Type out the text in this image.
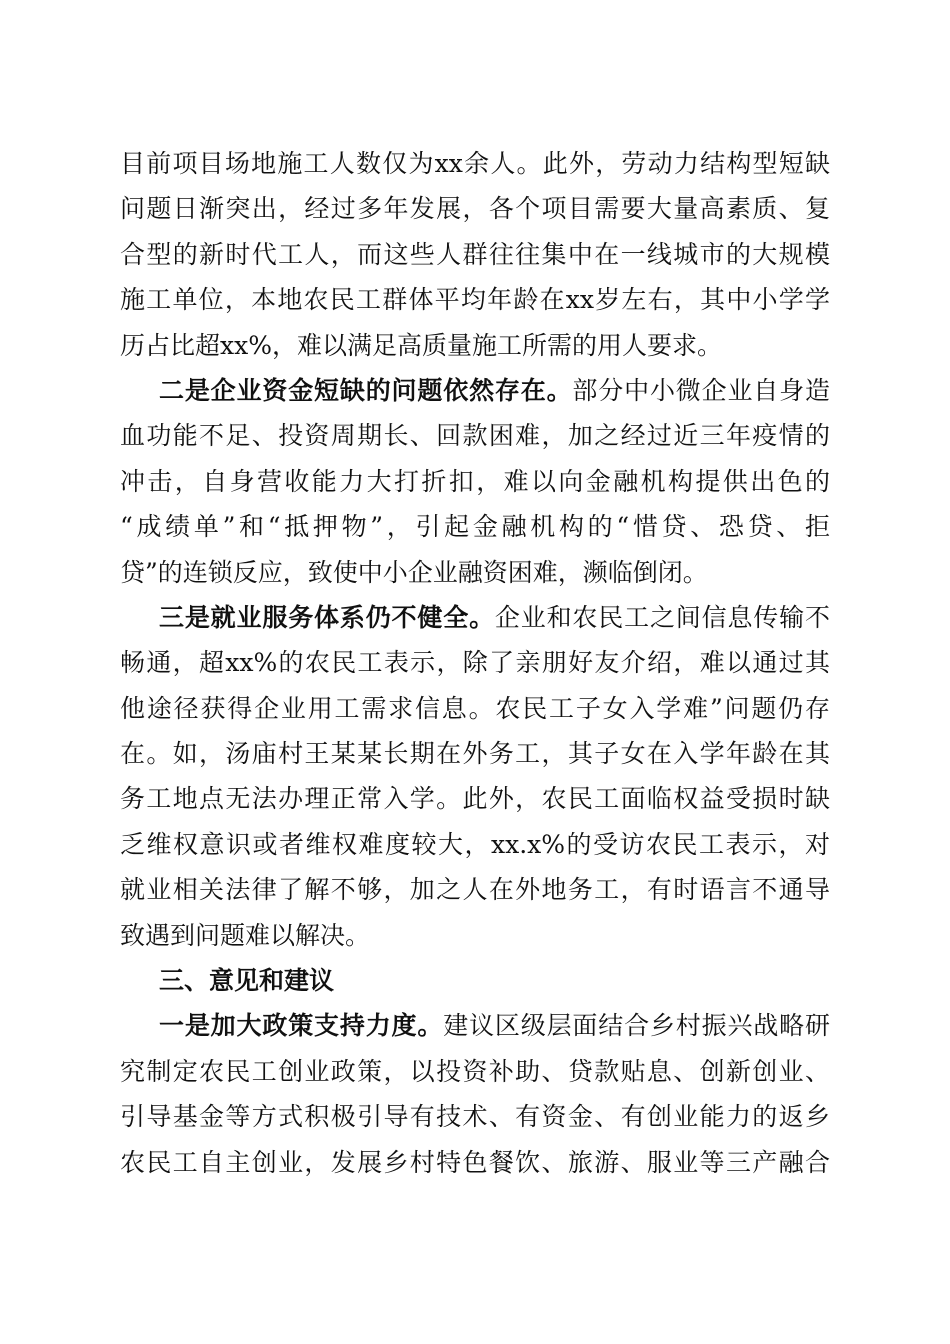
目前项目场地施工人数仅为xx余人。此外，劳动力结构型短缺
问题日渐突出，经过多年发展，各个项目需要大量高素质、复
合型的新时代工人，而这些人群往往集中在一线城市的大规模
施工单位，本地农民工群体平均年龄在xx岁左右，其中小学学
历占比超xx%，难以满足高质量施工所需的用人要求。
二是企业资金短缺的问题依然存在。部分中小微企业自身造
血功能不足、投资周期长、回款困难，加之经过近三年疫情的
冲击，自身营收能力大打折扣，难以向金融机构提供出色的
“成绩单”和“抵押物”，引起金融机构的“惜贷、恐贷、拒
贷”的连锁反应，致使中小企业融资困难，濒临倒闭。
三是就业服务体系仍不健全。企业和农民工之间信息传输不
畅通，超xx%的农民工表示，除了亲朋好友介绍，难以通过其
他途径获得企业用工需求信息。农民工子女入学难”问题仍存
在。如，汤庙村王某某长期在外务工，其子女在入学年龄在其
务工地点无法办理正常入学。此外，农民工面临权益受损时缺
乏维权意识或者维权难度较大，xx.x%的受访农民工表示，对
就业相关法律了解不够，加之人在外地务工，有时语言不通导
致遇到问题难以解决。
三、意见和建议
一是加大政策支持力度。建议区级层面结合乡村振兴战略研
究制定农民工创业政策，以投资补助、贷款贴息、创新创业、
引导基金等方式积极引导有技术、有资金、有创业能力的返乡
农民工自主创业，发展乡村特色餐饮、旅游、服业等三产融合
